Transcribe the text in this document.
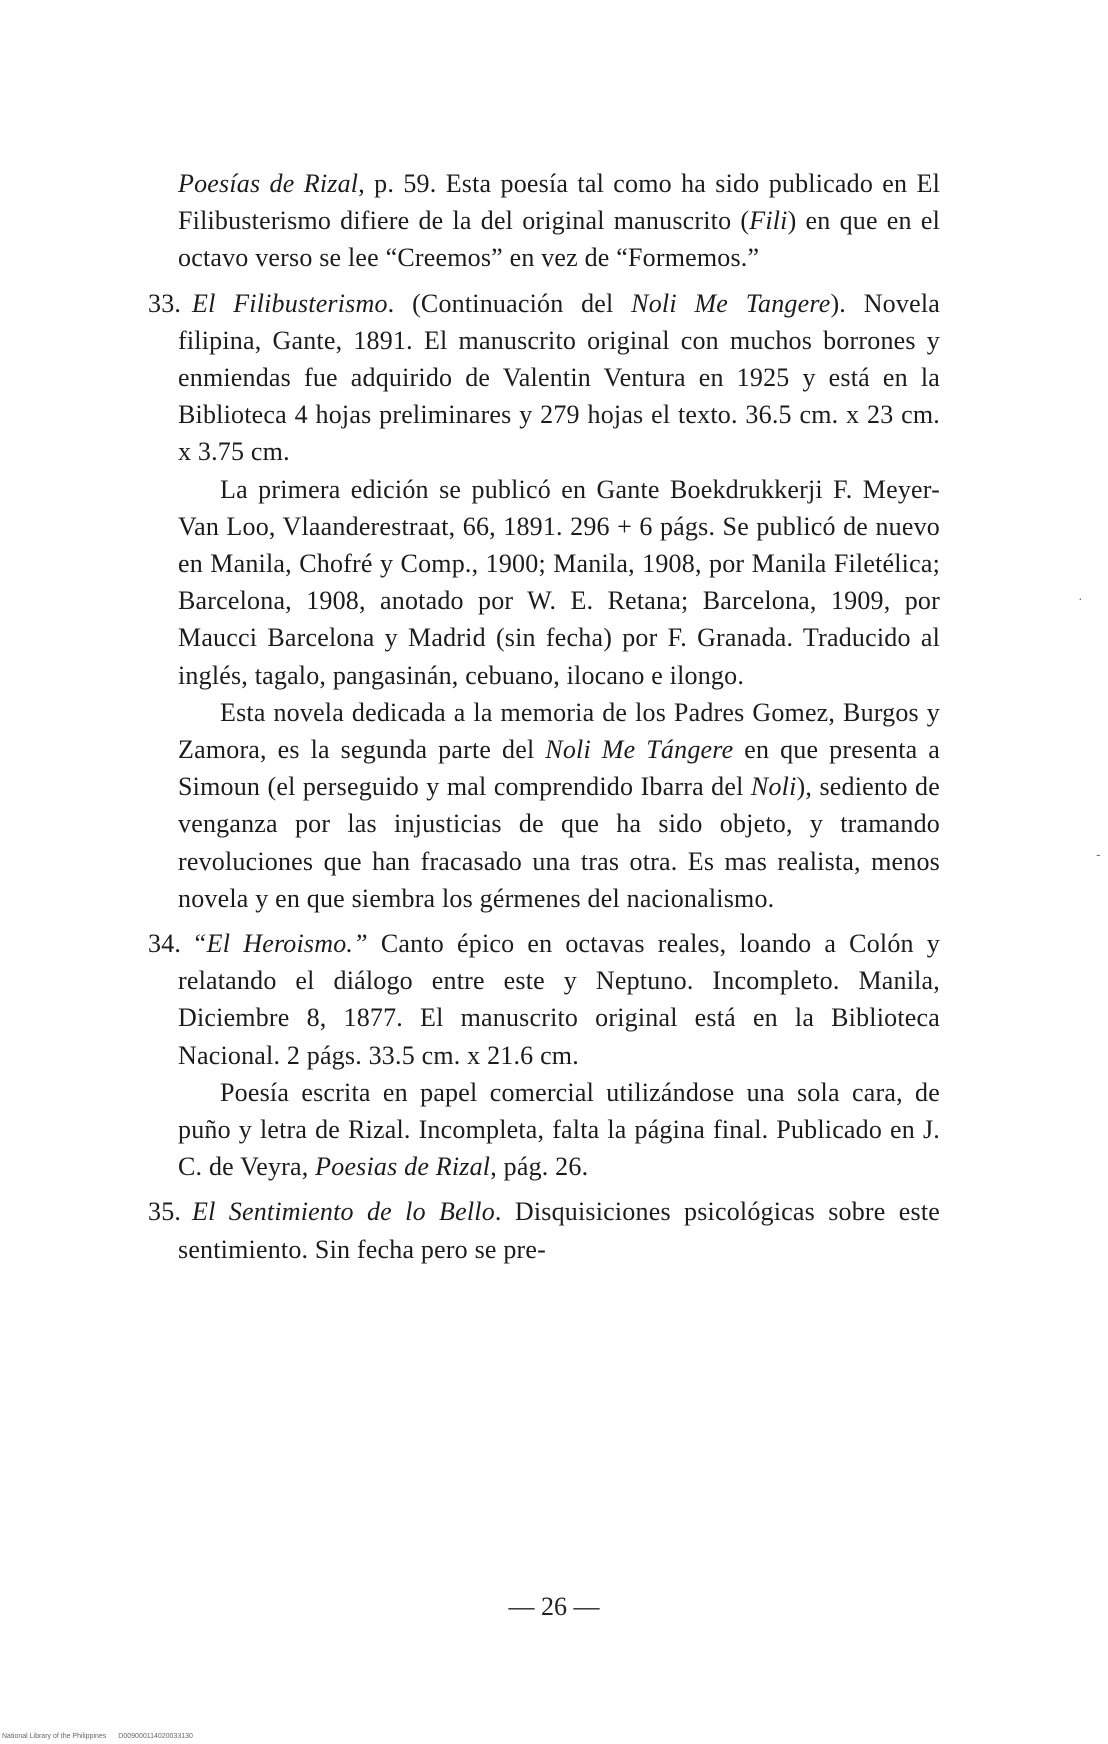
Poesías de Rizal, p. 59. Esta poesía tal como ha sido publicado en El Filibusterismo difiere de la del original manuscrito (Fili) en que en el octavo verso se lee “Creemos” en vez de “Formemos.”

33. El Filibusterismo. (Continuación del Noli Me Tangere). Novela filipina, Gante, 1891. El manuscrito original con muchos borrones y enmiendas fue adquirido de Valentin Ventura en 1925 y está en la Biblioteca 4 hojas preliminares y 279 hojas el texto. 36.5 cm. x 23 cm. x 3.75 cm.

La primera edición se publicó en Gante Boekdrukkerji F. Meyer-Van Loo, Vlaanderestraat, 66, 1891. 296 + 6 págs. Se publicó de nuevo en Manila, Chofré y Comp., 1900; Manila, 1908, por Manila Filetélica; Barcelona, 1908, anotado por W. E. Retana; Barcelona, 1909, por Maucci Barcelona y Madrid (sin fecha) por F. Granada. Traducido al inglés, tagalo, pangasinán, cebuano, ilocano e ilongo.

Esta novela dedicada a la memoria de los Padres Gomez, Burgos y Zamora, es la segunda parte del Noli Me Tángere en que presenta a Simoun (el perseguido y mal comprendido Ibarra del Noli), sediento de venganza por las injusticias de que ha sido objeto, y tramando revoluciones que han fracasado una tras otra. Es mas realista, menos novela y en que siembra los gérmenes del nacionalismo.

34. “El Heroismo.” Canto épico en octavas reales, loando a Colón y relatando el diálogo entre este y Neptuno. Incompleto. Manila, Diciembre 8, 1877. El manuscrito original está en la Biblioteca Nacional. 2 págs. 33.5 cm. x 21.6 cm.

Poesía escrita en papel comercial utilizándose una sola cara, de puño y letra de Rizal. Incompleta, falta la página final. Publicado en J. C. de Veyra, Poesias de Rizal, pág. 26.

35. El Sentimiento de lo Bello. Disquisiciones psicológicas sobre este sentimiento. Sin fecha pero se pre-

— 26 —
·
-
National Library of the Philippines D009000114020033130
